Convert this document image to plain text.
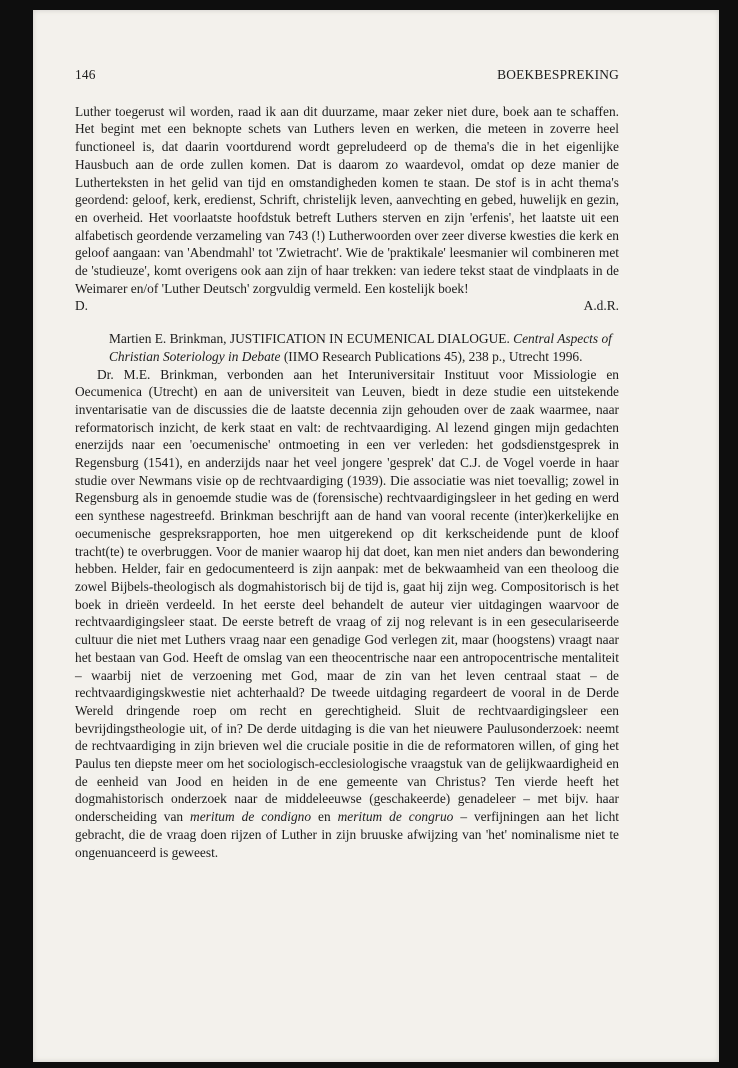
146	BOEKBESPREKING

Luther toegerust wil worden, raad ik aan dit duurzame, maar zeker niet dure, boek aan te schaffen. Het begint met een beknopte schets van Luthers leven en werken, die meteen in zoverre heel functioneel is, dat daarin voortdurend wordt gepreludeerd op de thema's die in het eigenlijke Hausbuch aan de orde zullen komen. Dat is daarom zo waardevol, omdat op deze manier de Lutherteksten in het gelid van tijd en omstandigheden komen te staan. De stof is in acht thema's geordend: geloof, kerk, eredienst, Schrift, christelijk leven, aanvechting en gebed, huwelijk en gezin, en overheid. Het voorlaatste hoofdstuk betreft Luthers sterven en zijn 'erfenis', het laatste uit een alfabetisch geordende verzameling van 743 (!) Lutherwoorden over zeer diverse kwesties die kerk en geloof aangaan: van 'Abendmahl' tot 'Zwietracht'. Wie de 'praktikale' leesmanier wil combineren met de 'studieuze', komt overigens ook aan zijn of haar trekken: van iedere tekst staat de vindplaats in de Weimarer en/of 'Luther Deutsch' zorgvuldig vermeld. Een kostelijk boek!

D.	A.d.R.
Martien E. Brinkman, JUSTIFICATION IN ECUMENICAL DIALOGUE. Central Aspects of Christian Soteriology in Debate (IIMO Research Publications 45), 238 p., Utrecht 1996.

Dr. M.E. Brinkman, verbonden aan het Interuniversitair Instituut voor Missiologie en Oecumenica (Utrecht) en aan de universiteit van Leuven, biedt in deze studie een uitstekende inventarisatie van de discussies die de laatste decennia zijn gehouden over de zaak waarmee, naar reformatorisch inzicht, de kerk staat en valt: de rechtvaardiging. Al lezend gingen mijn gedachten enerzijds naar een 'oecumenische' ontmoeting in een ver verleden: het godsdienstgesprek in Regensburg (1541), en anderzijds naar het veel jongere 'gesprek' dat C.J. de Vogel voerde in haar studie over Newmans visie op de rechtvaardiging (1939). Die associatie was niet toevallig; zowel in Regensburg als in genoemde studie was de (forensische) rechtvaardigingsleer in het geding en werd een synthese nagestreefd. Brinkman beschrijft aan de hand van vooral recente (inter)kerkelijke en oecumenische gespreksrapporten, hoe men uitgerekend op dit kerkscheidende punt de kloof tracht(te) te overbruggen. Voor de manier waarop hij dat doet, kan men niet anders dan bewondering hebben. Helder, fair en gedocumenteerd is zijn aanpak: met de bekwaamheid van een theoloog die zowel Bijbels-theologisch als dogmahistorisch bij de tijd is, gaat hij zijn weg. Compositorisch is het boek in drieën verdeeld. In het eerste deel behandelt de auteur vier uitdagingen waarvoor de rechtvaardigingsleer staat. De eerste betreft de vraag of zij nog relevant is in een geseculariseerde cultuur die niet met Luthers vraag naar een genadige God verlegen zit, maar (hoogstens) vraagt naar het bestaan van God. Heeft de omslag van een theocentrische naar een antropocentrische mentaliteit – waarbij niet de verzoening met God, maar de zin van het leven centraal staat – de rechtvaardigingskwestie niet achterhaald? De tweede uitdaging regardeert de vooral in de Derde Wereld dringende roep om recht en gerechtigheid. Sluit de rechtvaardigingsleer een bevrijdingstheologie uit, of in? De derde uitdaging is die van het nieuwere Paulusonderzoek: neemt de rechtvaardiging in zijn brieven wel die cruciale positie in die de reformatoren willen, of ging het Paulus ten diepste meer om het sociologisch-ecclesiologische vraagstuk van de gelijkwaardigheid en de eenheid van Jood en heiden in de ene gemeente van Christus? Ten vierde heeft het dogmahistorisch onderzoek naar de middeleeuwse (geschakeerde) genadeleer – met bijv. haar onderscheiding van meritum de condigno en meritum de congruo – verfijningen aan het licht gebracht, die de vraag doen rijzen of Luther in zijn bruuske afwijzing van 'het' nominalisme niet te ongenuanceerd is geweest.
